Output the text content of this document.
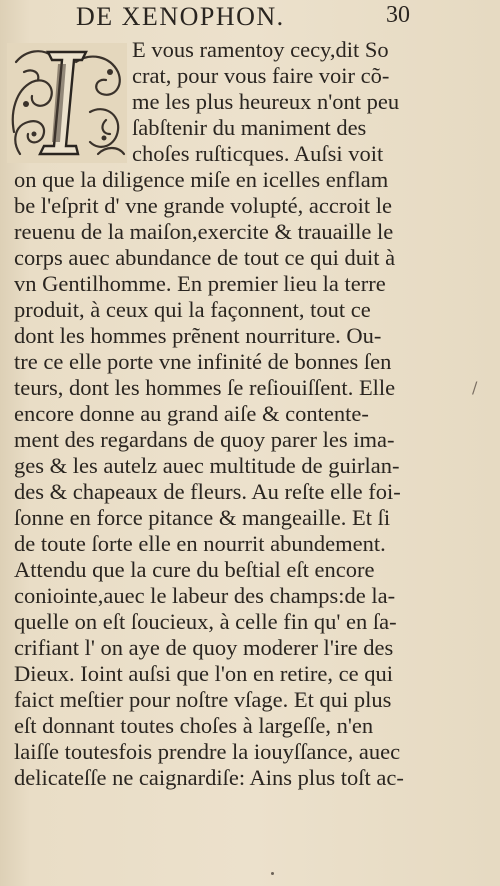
DE XENOPHON.	30
E vous ramentoy cecy,dit So
crat, pour vous faire voir cõ-
me les plus heureux n'ont peu
ſabſtenir du maniment des
choſes ruſticques. Auſsi voit
on que la diligence miſe en icelles enflam
be l'eſprit d' vne grande volupté, accroit le
reuenu de la maiſon,exercite & trauaille le
corps auec abundance de tout ce qui duit à
vn Gentilhomme. En premier lieu la terre
produit, à ceux qui la façonnent, tout ce
dont les hommes prẽnent nourriture. Ou-
tre ce elle porte vne infinité de bonnes ſen
teurs, dont les hommes ſe reſiouiſſent. Elle
encore donne au grand aiſe & contente-
ment des regardans de quoy parer les ima-
ges & les autelz auec multitude de guirlan-
des & chapeaux de fleurs. Au reſte elle foi-
ſonne en force pitance & mangeaille. Et ſi
de toute ſorte elle en nourrit abundement.
Attendu que la cure du beſtial eſt encore
coniointe,auec le labeur des champs:de la-
quelle on eſt ſoucieux, à celle fin qu' en ſa-
crifiant l' on aye de quoy moderer l'ire des
Dieux. Ioint auſsi que l'on en retire, ce qui
faict meſtier pour noſtre vſage. Et qui plus
eſt donnant toutes choſes à largeſſe, n'en
laiſſe toutesfois prendre la iouyſſance, auec
delicateſſe ne caignardiſe: Ains plus toſt ac-
/
